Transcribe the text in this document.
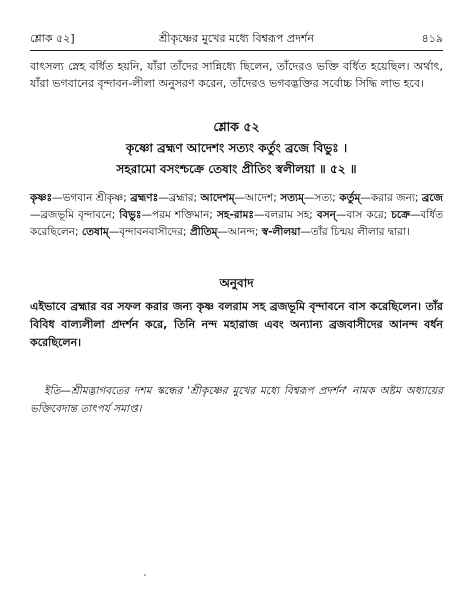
শ্লোক ৫২]	শ্রীকৃষ্ণের মুখের মধ্যে বিশ্বরূপ প্রদর্শন	৪১৯
বাৎসল্য স্নেহ বর্ধিত হয়নি, যাঁরা তাঁদের সান্নিধ্যে ছিলেন, তাঁদেরও ভক্তি বর্ধিত হয়েছিল। অর্থাৎ, যাঁরা ভগবানের বৃন্দাবন-লীলা অনুসরণ করেন, তাঁদেরও ভগবদ্ভক্তির সর্বোচ্চ সিদ্ধি লাভ হবে।
শ্লোক ৫২
কৃষ্ণো ব্রহ্মণ আদেশং সত্যং কর্তুং ব্রজে বিভুঃ ।
সহরামো বসংশ্চক্রে তেষাং প্রীতিং স্বলীলয়া ॥ ৫২ ॥
কৃষ্ণঃ—ভগবান শ্রীকৃষ্ণ; ব্রহ্মণঃ—ব্রহ্মার; আদেশম্—আদেশ; সত্যম্—সত্য; কর্তুম্—করার জন্য; ব্রজে—ব্রজভূমি বৃন্দাবনে; বিভুঃ—পরম শক্তিমান; সহ-রামঃ—বলরাম সহ; বসন্—বাস করে; চক্রে—বর্ধিত করেছিলেন; তেষাম্—বৃন্দাবনবাসীদের; প্রীতিম্—আনন্দ; স্ব-লীলয়া—তাঁর চিন্ময় লীলার দ্বারা।
অনুবাদ
এইভাবে ব্রহ্মার বর সফল করার জন্য কৃষ্ণ বলরাম সহ ব্রজভূমি বৃন্দাবনে বাস করেছিলেন। তাঁর বিবিধ বাল্যলীলা প্রদর্শন করে, তিনি নন্দ মহারাজ এবং অন্যান্য ব্রজবাসীদের আনন্দ বর্ধন করেছিলেন।
ইতি—শ্রীমদ্ভাগবতের দশম স্কন্ধের 'শ্রীকৃষ্ণের মুখের মধ্যে বিশ্বরূপ প্রদর্শন' নামক অষ্টম অধ্যায়ের ভক্তিবেদান্ত তাৎপর্য সমাপ্ত।
